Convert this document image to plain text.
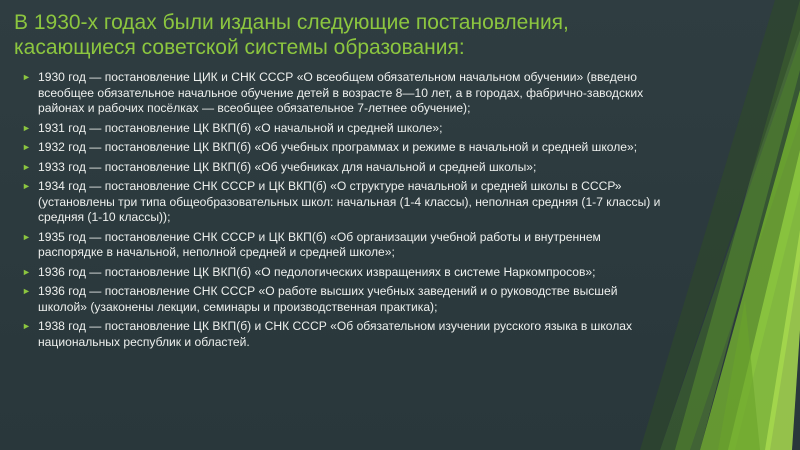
В 1930-х годах были изданы следующие постановления, касающиеся советской системы образования:
► 1930 год — постановление ЦИК и СНК СССР «О всеобщем обязательном начальном обучении» (введено всеобщее обязательное начальное обучение детей в возрасте 8—10 лет, а в городах, фабрично-заводских районах и рабочих посёлках — всеобщее обязательное 7-летнее обучение);
► 1931 год — постановление ЦК ВКП(б) «О начальной и средней школе»;
► 1932 год — постановление ЦК ВКП(б) «Об учебных программах и режиме в начальной и средней школе»;
► 1933 год — постановление ЦК ВКП(б) «Об учебниках для начальной и средней школы»;
► 1934 год — постановление СНК СССР и ЦК ВКП(б) «О структуре начальной и средней школы в СССР» (установлены три типа общеобразовательных школ: начальная (1-4 классы), неполная средняя (1-7 классы) и средняя (1-10 классы));
► 1935 год — постановление СНК СССР и ЦК ВКП(б) «Об организации учебной работы и внутреннем распорядке в начальной, неполной средней и средней школе»;
► 1936 год — постановление ЦК ВКП(б) «О педологических извращениях в системе Наркомпросов»;
► 1936 год — постановление СНК СССР «О работе высших учебных заведений и о руководстве высшей школой» (узаконены лекции, семинары и производственная практика);
► 1938 год — постановление ЦК ВКП(б) и СНК СССР «Об обязательном изучении русского языка в школах национальных республик и областей.
